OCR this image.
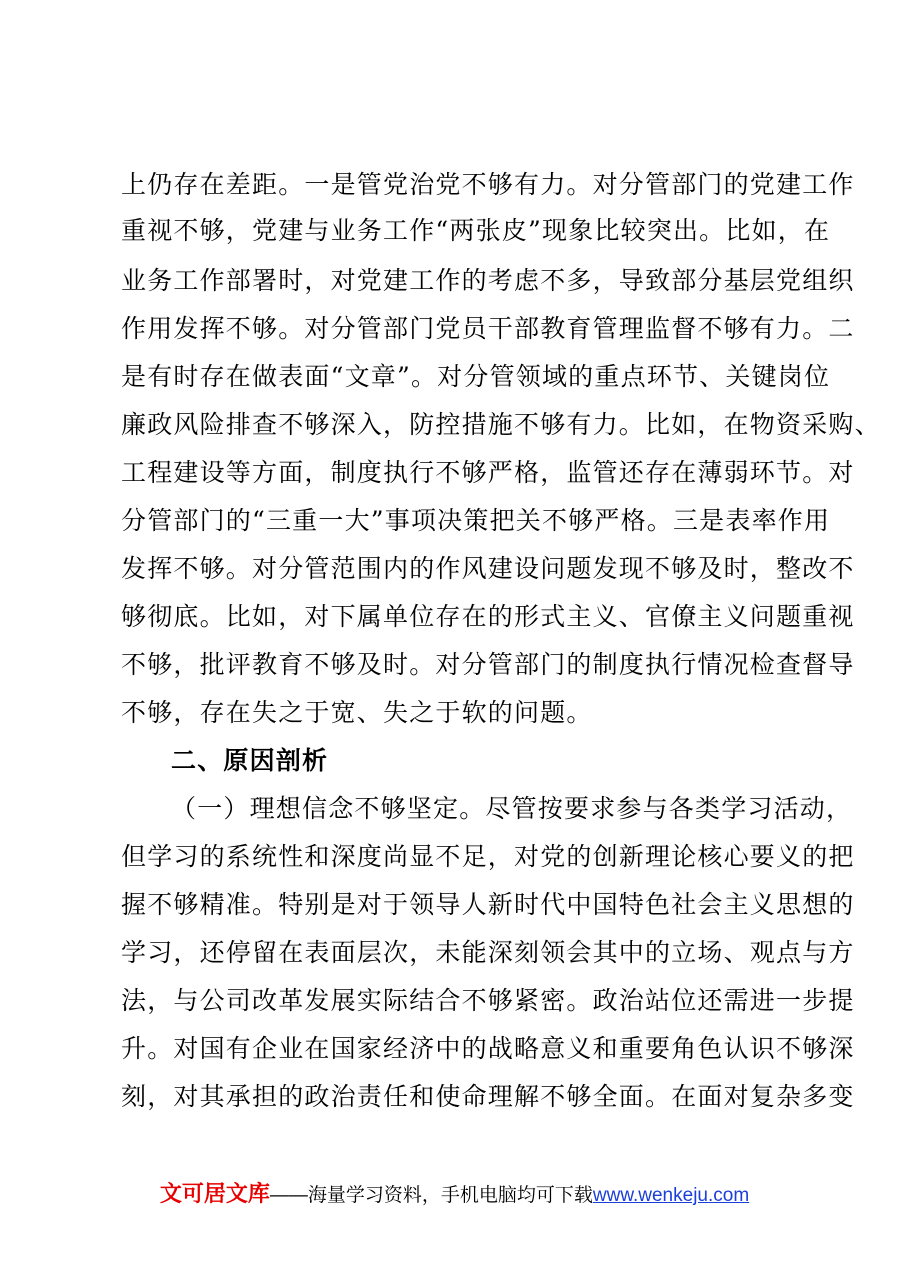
上仍存在差距。一是管党治党不够有力。对分管部门的党建工作
重视不够，党建与业务工作“两张皮”现象比较突出。比如，在
业务工作部署时，对党建工作的考虑不多，导致部分基层党组织
作用发挥不够。对分管部门党员干部教育管理监督不够有力。二
是有时存在做表面“文章”。对分管领域的重点环节、关键岗位
廉政风险排查不够深入，防控措施不够有力。比如，在物资采购、
工程建设等方面，制度执行不够严格，监管还存在薄弱环节。对
分管部门的“三重一大”事项决策把关不够严格。三是表率作用
发挥不够。对分管范围内的作风建设问题发现不够及时，整改不
够彻底。比如，对下属单位存在的形式主义、官僚主义问题重视
不够，批评教育不够及时。对分管部门的制度执行情况检查督导
不够，存在失之于宽、失之于软的问题。
二、原因剖析
（一）理想信念不够坚定。尽管按要求参与各类学习活动，
但学习的系统性和深度尚显不足，对党的创新理论核心要义的把
握不够精准。特别是对于领导人新时代中国特色社会主义思想的
学习，还停留在表面层次，未能深刻领会其中的立场、观点与方
法，与公司改革发展实际结合不够紧密。政治站位还需进一步提
升。对国有企业在国家经济中的战略意义和重要角色认识不够深
刻，对其承担的政治责任和使命理解不够全面。在面对复杂多变
文可居文库——海量学习资料，手机电脑均可下载www.wenkeju.com
